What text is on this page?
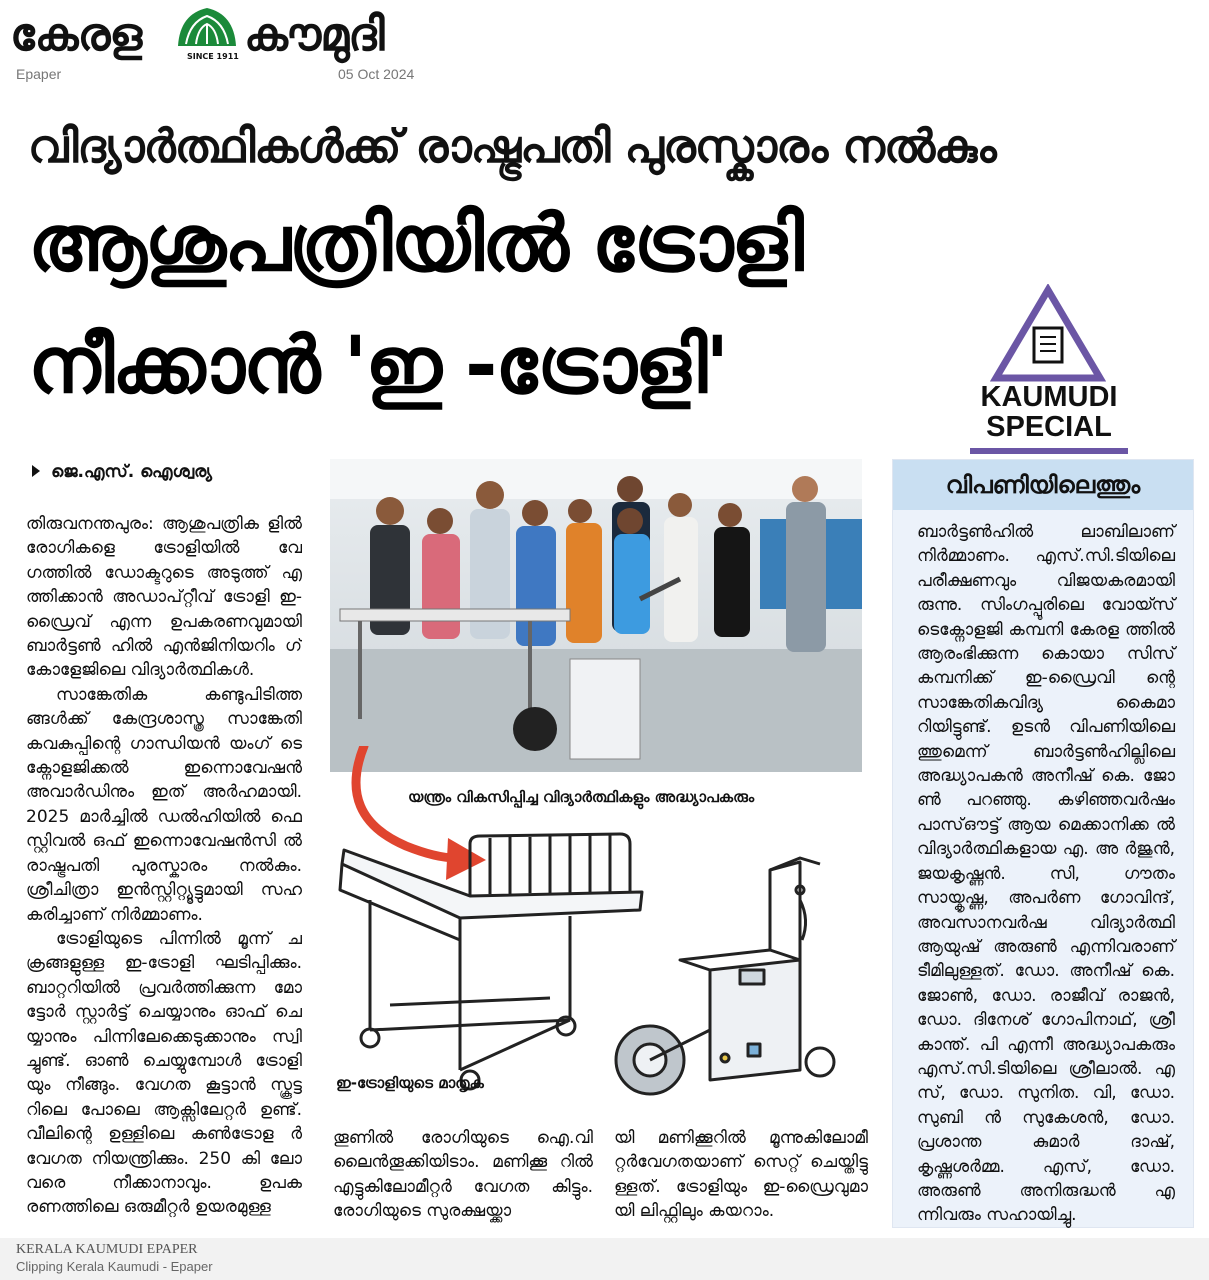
കേരള	SINCE 1911 കൗമുദി
Epaper	05 Oct 2024
വിദ്യാർത്ഥികൾക്ക് രാഷ്ട്രപതി പുരസ്കാരം നൽകും
ആശുപത്രിയിൽ ട്രോളി
നീക്കാൻ 'ഇ -ട്രോളി'	KAUMUDI
SPECIAL
ജെ.എസ്. ഐശ്വര്യ

തിരുവനന്തപുരം: ആശുപത്രിക ളിൽ രോഗികളെ ട്രോളിയിൽ വേ ഗത്തിൽ ഡോക്ടറുടെ അടുത്ത് എ ത്തിക്കാൻ അഡാപ്റ്റീവ് ട്രോളി ഇ- ഡ്രൈവ് എന്ന ഉപകരണവുമായി ബാർട്ടൺ ഹിൽ എൻജിനിയറിം ഗ് കോളേജിലെ വിദ്യാർത്ഥികൾ.

സാങ്കേതിക കണ്ടുപിടിത്ത ങ്ങൾക്ക് കേന്ദ്രശാസ്ത്ര സാങ്കേതി കവകുപ്പിന്റെ ഗാന്ധിയൻ യംഗ് ടെ ക്നോളജിക്കൽ ഇന്നൊവേഷൻ അവാർഡിനും ഇത് അർഹമായി. 2025 മാർച്ചിൽ ഡൽഹിയിൽ ഫെ സ്റ്റിവൽ ഒഫ് ഇന്നൊവേഷൻസി ൽ രാഷ്ട്രപതി പുരസ്കാരം നൽകും. ശ്രീചിത്രാ ഇൻസ്റ്റിറ്റ്യൂട്ടുമായി സഹ കരിച്ചാണ് നിർമ്മാണം.

ട്രോളിയുടെ പിന്നിൽ മൂന്ന് ച ക്രങ്ങളുള്ള ഇ-ട്രോളി ഘടിപ്പിക്കും. ബാറ്ററിയിൽ പ്രവർത്തിക്കുന്ന മോ ട്ടോർ സ്റ്റാർട്ട് ചെയ്യാനും ഓഫ് ചെ യ്യാനും പിന്നിലേക്കെടുക്കാനും സ്വി ച്ചുണ്ട്. ഓൺ ചെയ്യുമ്പോൾ ട്രോളി യും നീങ്ങും. വേഗത കൂട്ടാൻ സ്കൂട്ട റിലെ പോലെ ആക്സിലേറ്റർ ഉണ്ട്. വീലിന്റെ ഉള്ളിലെ കൺട്രോള ർ വേഗത നിയന്ത്രിക്കും. 250 കി ലോ വരെ നീക്കാനാവും. ഉപക രണത്തിലെ ഒരുമീറ്റർ ഉയരമുള്ള

യന്ത്രം വികസിപ്പിച്ച വിദ്യാർത്ഥികളും അദ്ധ്യാപകരും
ഇ-ട്രോളിയുടെ മാതൃക
തൂണിൽ രോഗിയുടെ ഐ.വി ലൈൻതൂക്കിയിടാം. മണിക്കൂ റിൽ എട്ടുകിലോമീറ്റർ വേഗത കിട്ടും. രോഗിയുടെ സുരക്ഷയ്ക്കാ
യി മണിക്കൂറിൽ മൂന്നുകിലോമീ റ്റർവേഗതയാണ് സെറ്റ് ചെയ്തിട്ടു ള്ളത്. ട്രോളിയും ഇ-ഡ്രൈവുമാ യി ലിഫ്റ്റിലും കയറാം.
വിപണിയിലെത്തും
ബാർട്ടൺഹിൽ ലാബിലാണ് നിർമ്മാണം. എസ്.സി.ടിയിലെ പരീക്ഷണവും വിജയകരമായി രുന്നു. സിംഗപ്പൂരിലെ വോയ്സ് ടെക്നോളജി കമ്പനി കേരള ത്തിൽ ആരംഭിക്കുന്ന കൊയാ സിസ് കമ്പനിക്ക് ഇ-ഡ്രൈവി ന്റെ സാങ്കേതികവിദ്യ കൈമാ റിയിട്ടുണ്ട്. ഉടൻ വിപണിയിലെ ത്തുമെന്ന് ബാർട്ടൺഹില്ലിലെ അദ്ധ്യാപകൻ അനീഷ് കെ. ജോ ൺ പറഞ്ഞു. കഴിഞ്ഞവർഷം പാസ്ഔട്ട് ആയ മെക്കാനിക്ക ൽ വിദ്യാർത്ഥികളായ എ. അ ർജുൻ, ജയകൃഷ്ണൻ. സി, ഗൗതം സായ്കൃഷ്ണ, അപർണ ഗോവിന്ദ്, അവസാനവർഷ വിദ്യാർത്ഥി ആയുഷ് അരുൺ എന്നിവരാണ് ടീമിലുള്ളത്. ഡോ. അനീഷ് കെ. ജോൺ, ഡോ. രാജീവ് രാജൻ, ഡോ. ദിനേശ് ഗോപിനാഥ്, ശ്രീ കാന്ത്. പി എന്നീ അദ്ധ്യാപകരും എസ്.സി.ടിയിലെ ശ്രീലാൽ. എ സ്, ഡോ. സുനിത. വി, ഡോ. സുബി ൻ സുകേശൻ, ഡോ. പ്രശാന്ത കുമാർ ദാഷ്, കൃഷ്ണശർമ്മ. എസ്, ഡോ. അരുൺ അനിരുദ്ധൻ എ ന്നിവരും സഹായിച്ചു.
KERALA KAUMUDI EPAPER
Clipping Kerala Kaumudi - Epaper
